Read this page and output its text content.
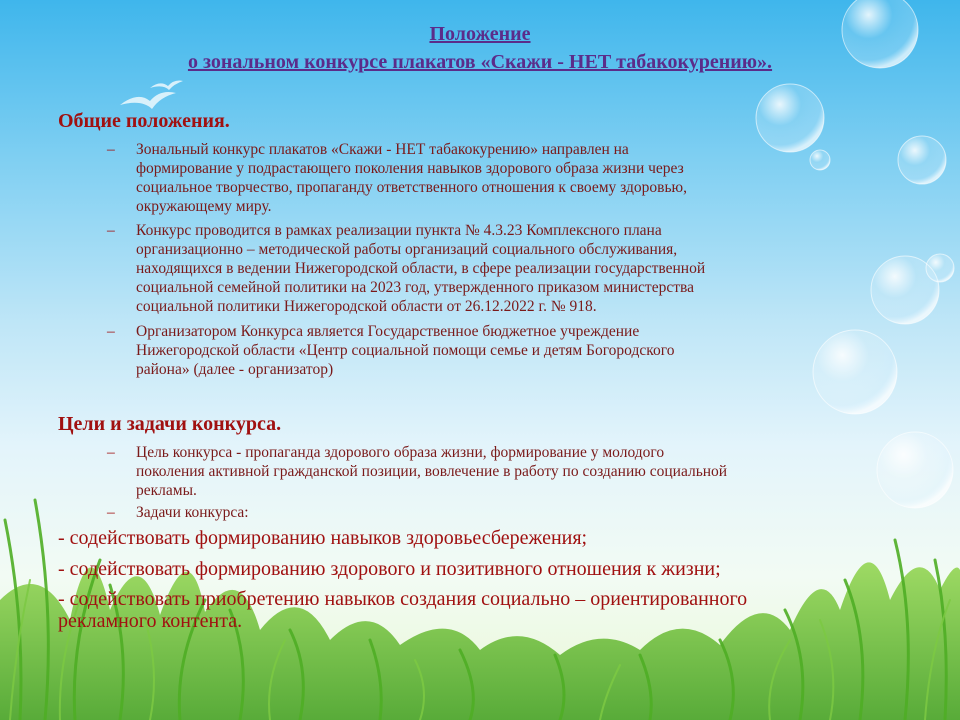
Положение

о зональном конкурсе плакатов «Скажи - НЕТ табакокурению».

Общие положения.

– Зональный конкурс плакатов «Скажи - НЕТ табакокурению» направлен на
формирование у подрастающего поколения навыков здорового образа жизни через
социальное творчество, пропаганду ответственного отношения к своему здоровью,
окружающему миру.
– Конкурс проводится в рамках реализации пункта № 4.3.23 Комплексного плана
организационно – методической работы организаций социального обслуживания,
находящихся в ведении Нижегородской области, в сфере реализации государственной
социальной семейной политики на 2023 год, утвержденного приказом министерства
социальной политики Нижегородской области от 26.12.2022 г. № 918.
– Организатором Конкурса является Государственное бюджетное учреждение
Нижегородской области «Центр социальной помощи семье и детям Богородского
района» (далее - организатор)

Цели и задачи конкурса.

– Цель конкурса - пропаганда здорового образа жизни, формирование у молодого
поколения активной гражданской позиции, вовлечение в работу по созданию социальной
рекламы.
– Задачи конкурса:

- содействовать формированию навыков здоровьесбережения;

- содействовать формированию здорового и позитивного отношения к жизни;

- содействовать приобретению навыков создания социально – ориентированного
рекламного контента.
